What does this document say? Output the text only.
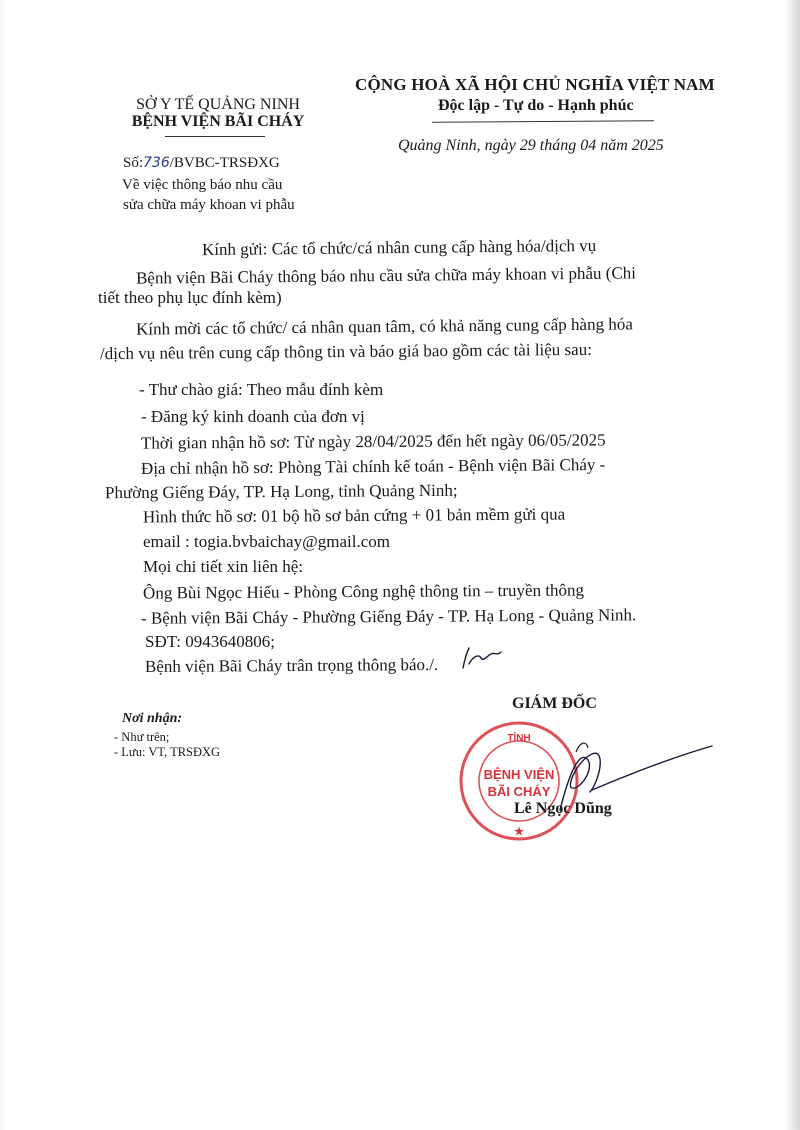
SỞ Y TẾ QUẢNG NINH
BỆNH VIỆN BÃI CHÁY
Số:736/BVBC-TRSĐXG
Về việc thông báo nhu cầu
sửa chữa máy khoan vi phẫu
CỘNG HOÀ XÃ HỘI CHỦ NGHĨA VIỆT NAM
Độc lập - Tự do - Hạnh phúc
Quảng Ninh, ngày 29 tháng 04 năm 2025
Kính gửi: Các tổ chức/cá nhân cung cấp hàng hóa/dịch vụ
Bệnh viện Bãi Cháy thông báo nhu cầu sửa chữa máy khoan vi phẫu (Chi
tiết theo phụ lục đính kèm)
Kính mời các tổ chức/ cá nhân quan tâm, có khả năng cung cấp hàng hóa
/dịch vụ nêu trên cung cấp thông tin và báo giá bao gồm các tài liệu sau:
- Thư chào giá: Theo mẫu đính kèm
- Đăng ký kinh doanh của đơn vị
Thời gian nhận hồ sơ: Từ ngày 28/04/2025 đến hết ngày 06/05/2025
Địa chỉ nhận hồ sơ: Phòng Tài chính kế toán - Bệnh viện Bãi Cháy -
Phường Giếng Đáy, TP. Hạ Long, tỉnh Quảng Ninh;
Hình thức hồ sơ: 01 bộ hồ sơ bản cứng + 01 bản mềm gửi qua
email : togia.bvbaichay@gmail.com
Mọi chi tiết xin liên hệ:
Ông Bùi Ngọc Hiếu - Phòng Công nghệ thông tin – truyền thông
- Bệnh viện Bãi Cháy - Phường Giếng Đáy - TP. Hạ Long - Quảng Ninh.
SĐT: 0943640806;
Bệnh viện Bãi Cháy trân trọng thông báo./.
Nơi nhận:
- Như trên;
- Lưu: VT, TRSĐXG
GIÁM ĐỐC
TỈNH
BỆNH VIỆN
BÃI CHÁY
★
Lê Ngọc Dũng
